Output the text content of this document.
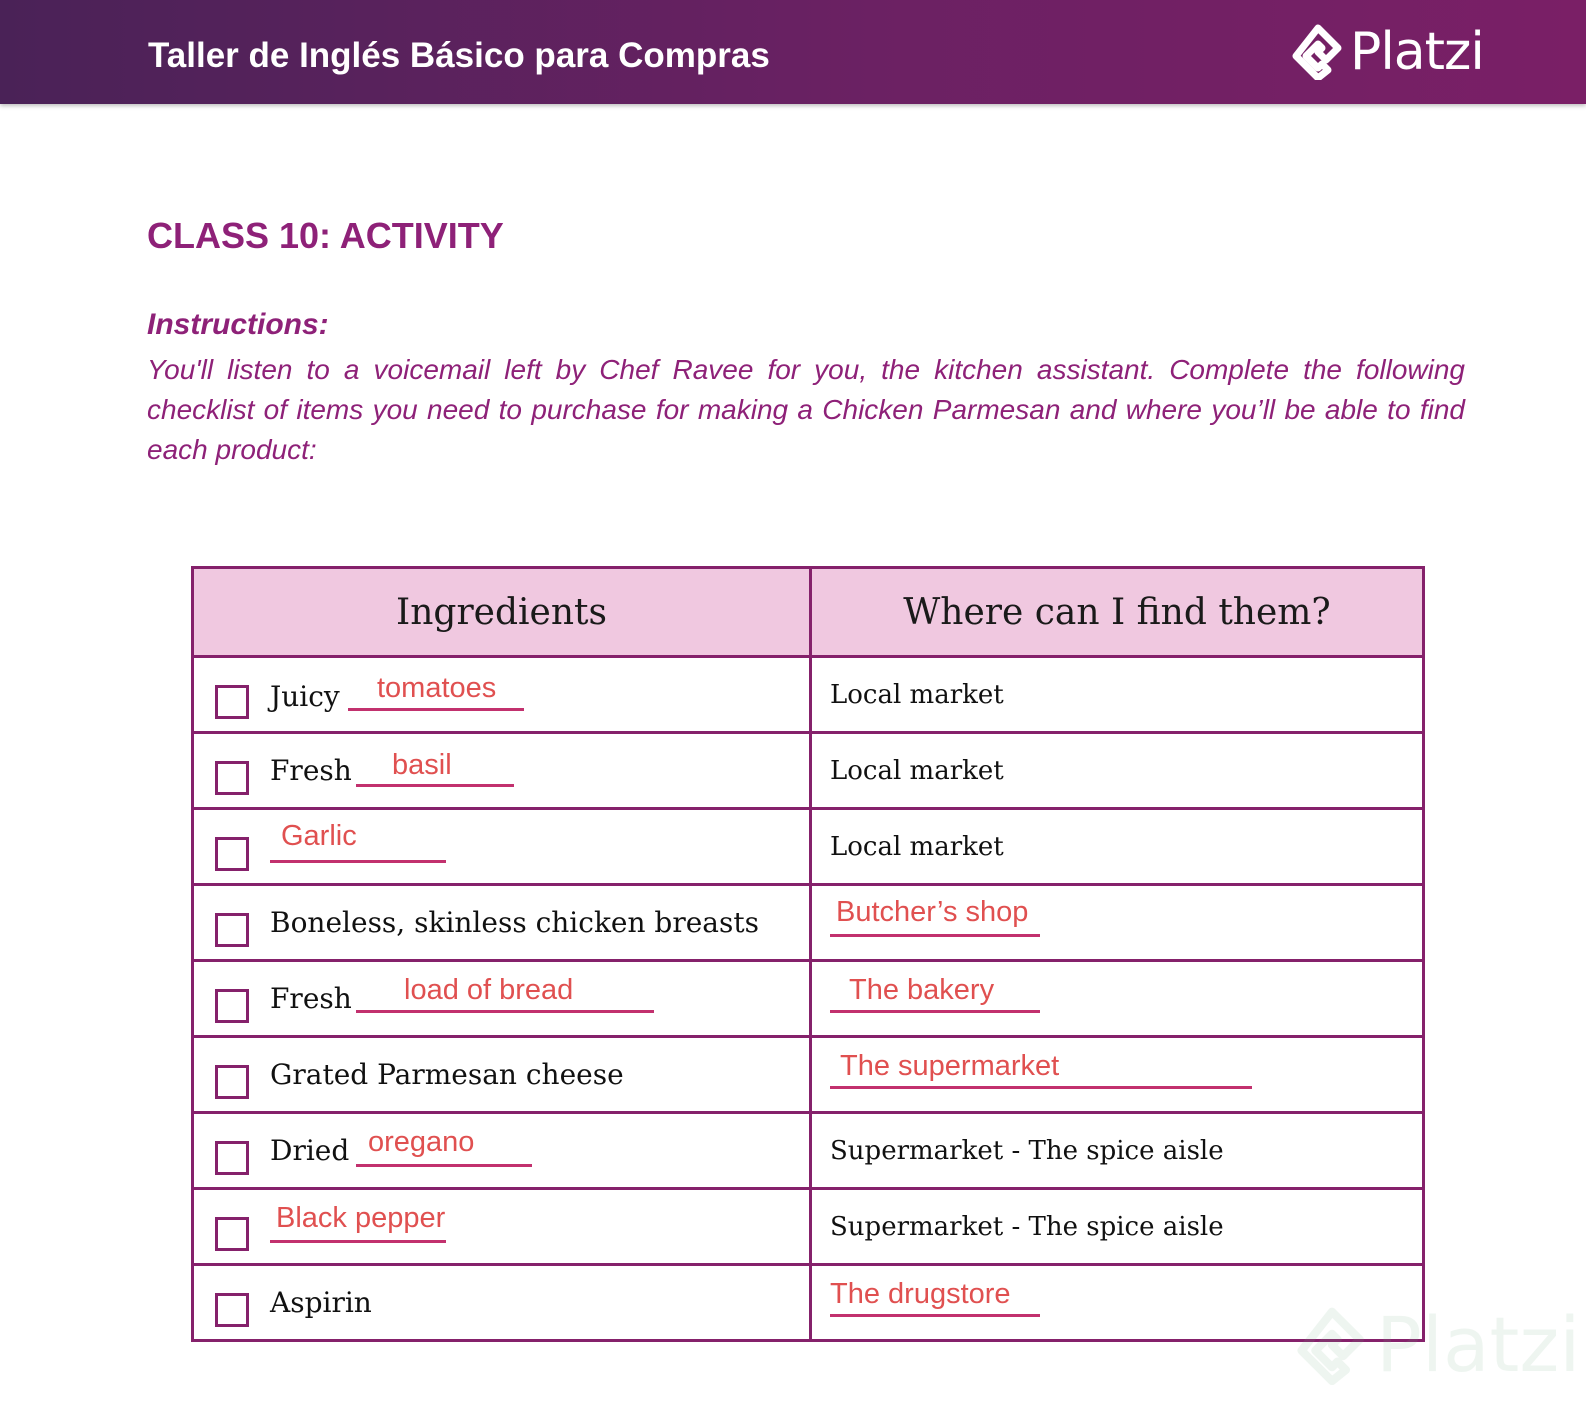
Taller de Inglés Básico para Compras	Platzi
CLASS 10: ACTIVITY
Instructions:
You'll listen to a voicemail left by Chef Ravee for you, the kitchen assistant. Complete the following checklist of items you need to purchase for making a Chicken Parmesan and where you’ll be able to find each product:
Ingredients	Where can I find them?

Juicy tomatoes	Local market

Fresh basil	Local market

Garlic	Local market

Boneless, skinless chicken breasts	Butcher’s shop

Fresh load of bread	The bakery

Grated Parmesan cheese	The supermarket

Dried oregano	Supermarket - The spice aisle

Black pepper	Supermarket - The spice aisle

Aspirin	The drugstore
Platzi
